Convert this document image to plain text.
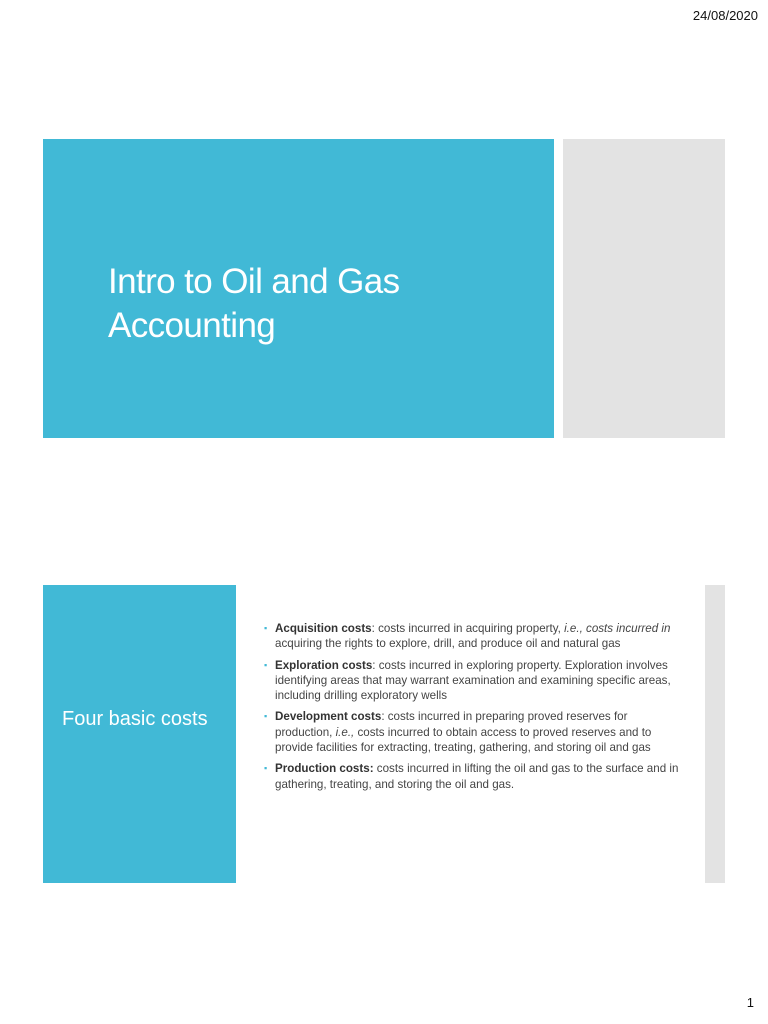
24/08/2020
Intro to Oil and Gas Accounting
Four basic costs
▪ Acquisition costs: costs incurred in acquiring property, i.e., costs incurred in acquiring the rights to explore, drill, and produce oil and natural gas
▪ Exploration costs: costs incurred in exploring property. Exploration involves identifying areas that may warrant examination and examining specific areas, including drilling exploratory wells
▪ Development costs: costs incurred in preparing proved reserves for production, i.e., costs incurred to obtain access to proved reserves and to provide facilities for extracting, treating, gathering, and storing oil and gas
▪ Production costs: costs incurred in lifting the oil and gas to the surface and in gathering, treating, and storing the oil and gas.
1
